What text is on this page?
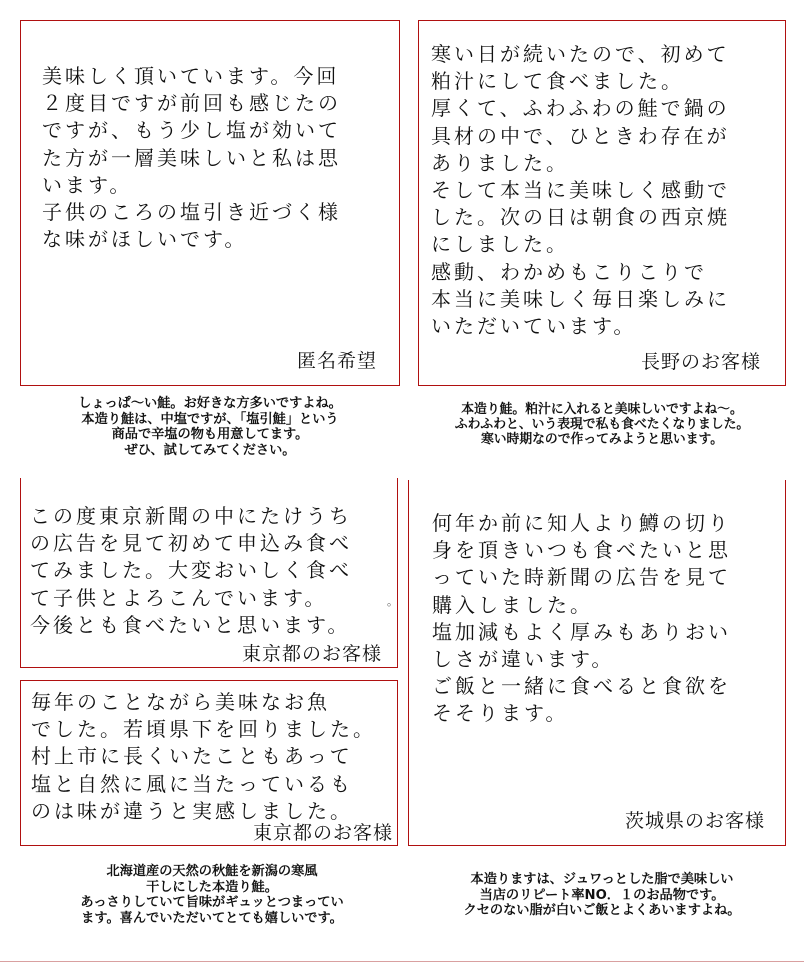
美味しく頂いています。今回
２度目ですが前回も感じたの
ですが、もう少し塩が効いて
た方が一層美味しいと私は思
います。
子供のころの塩引き近づく様
な味がほしいです。

匿名希望

寒い日が続いたので、初めて
粕汁にして食べました。
厚くて、ふわふわの鮭で鍋の
具材の中で、ひときわ存在が
ありました。
そして本当に美味しく感動で
した。次の日は朝食の西京焼
にしました。
感動、わかめもこりこりで
本当に美味しく毎日楽しみに
いただいています。

長野のお客様

しょっぱ～い鮭。お好きな方多いですよね。
本造り鮭は、中塩ですが、「塩引鮭」という
商品で辛塩の物も用意してます。
ぜひ、試してみてください。

本造り鮭。粕汁に入れると美味しいですよね～。
ふわふわと、いう表現で私も食べたくなりました。
寒い時期なので作ってみようと思います。

この度東京新聞の中にたけうち
の広告を見て初めて申込み食べ
てみました。大変おいしく食べ
て子供とよろこんでいます。
今後とも食べたいと思います。

。

東京都のお客様

何年か前に知人より鱒の切り
身を頂きいつも食べたいと思
っていた時新聞の広告を見て
購入しました。
塩加減もよく厚みもありおい
しさが違います。
ご飯と一緒に食べると食欲を
そそります。

茨城県のお客様

毎年のことながら美味なお魚
でした。若頃県下を回りました。
村上市に長くいたこともあって
塩と自然に風に当たっているも
のは味が違うと実感しました。

東京都のお客様

北海道産の天然の秋鮭を新潟の寒風
干しにした本造り鮭。
あっさりしていて旨味がギュッとつまってい
ます。喜んでいただいてとても嬉しいです。

本造りますは、ジュワっとした脂で美味しい
当店のリピート率NO．１のお品物です。
クセのない脂が白いご飯とよくあいますよね。
